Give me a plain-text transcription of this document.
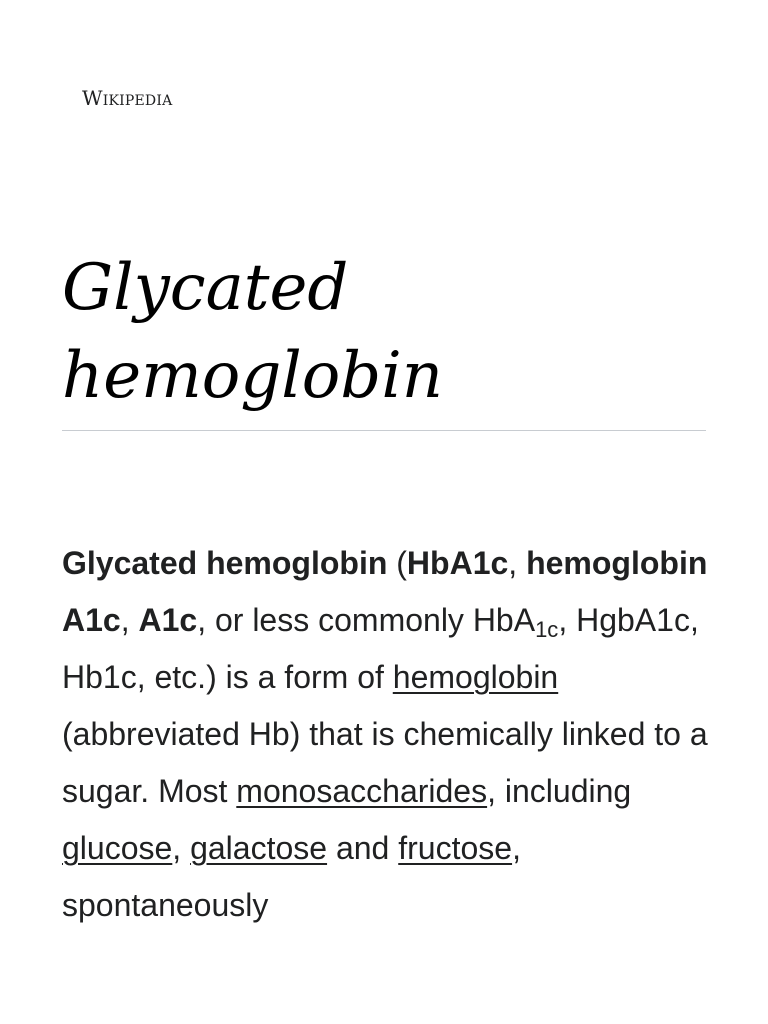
Wikipedia
Glycated
hemoglobin

Glycated hemoglobin (HbA1c, hemoglobin A1c, A1c, or less commonly HbA$_{1c}$, HgbA1c, Hb1c, etc.) is a form of hemoglobin (abbreviated Hb) that is chemically linked to a sugar. Most monosaccharides, including glucose, galactose and fructose, spontaneously
